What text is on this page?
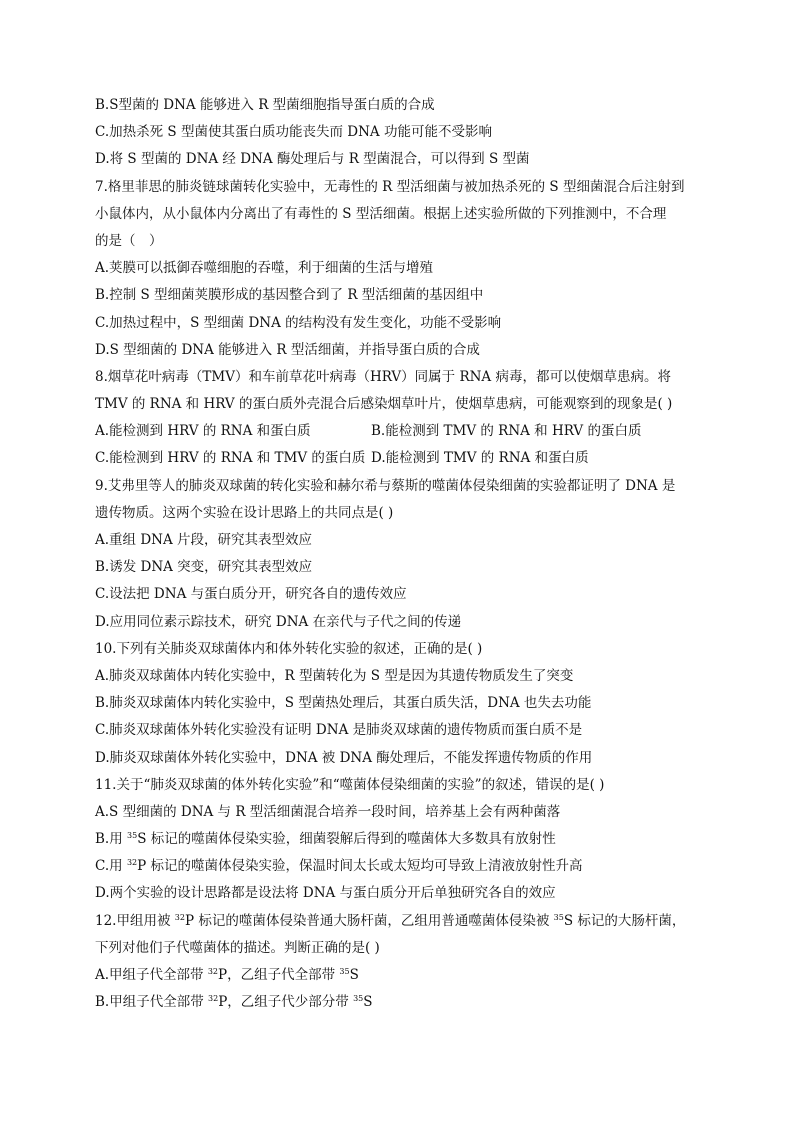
B.S型菌的 DNA 能够进入 R 型菌细胞指导蛋白质的合成
C.加热杀死 S 型菌使其蛋白质功能丧失而 DNA 功能可能不受影响
D.将 S 型菌的 DNA 经 DNA 酶处理后与 R 型菌混合，可以得到 S 型菌
7.格里菲思的肺炎链球菌转化实验中，无毒性的 R 型活细菌与被加热杀死的 S 型细菌混合后注射到
小鼠体内，从小鼠体内分离出了有毒性的 S 型活细菌。根据上述实验所做的下列推测中，不合理
的是（　）
A.荚膜可以抵御吞噬细胞的吞噬，利于细菌的生活与增殖
B.控制 S 型细菌荚膜形成的基因整合到了 R 型活细菌的基因组中
C.加热过程中，S 型细菌 DNA 的结构没有发生变化，功能不受影响
D.S 型细菌的 DNA 能够进入 R 型活细菌，并指导蛋白质的合成
8.烟草花叶病毒（TMV）和车前草花叶病毒（HRV）同属于 RNA 病毒，都可以使烟草患病。将
TMV 的 RNA 和 HRV 的蛋白质外壳混合后感染烟草叶片，使烟草患病，可能观察到的现象是( )
A.能检测到 HRV 的 RNA 和蛋白质	B.能检测到 TMV 的 RNA 和 HRV 的蛋白质
C.能检测到 HRV 的 RNA 和 TMV 的蛋白质 D.能检测到 TMV 的 RNA 和蛋白质
9.艾弗里等人的肺炎双球菌的转化实验和赫尔希与蔡斯的噬菌体侵染细菌的实验都证明了 DNA 是
遗传物质。这两个实验在设计思路上的共同点是( )
A.重组 DNA 片段，研究其表型效应
B.诱发 DNA 突变，研究其表型效应
C.设法把 DNA 与蛋白质分开，研究各自的遗传效应
D.应用同位素示踪技术，研究 DNA 在亲代与子代之间的传递
10.下列有关肺炎双球菌体内和体外转化实验的叙述，正确的是( )
A.肺炎双球菌体内转化实验中，R 型菌转化为 S 型是因为其遗传物质发生了突变
B.肺炎双球菌体内转化实验中，S 型菌热处理后，其蛋白质失活，DNA 也失去功能
C.肺炎双球菌体外转化实验没有证明 DNA 是肺炎双球菌的遗传物质而蛋白质不是
D.肺炎双球菌体外转化实验中，DNA 被 DNA 酶处理后，不能发挥遗传物质的作用
11.关于“肺炎双球菌的体外转化实验”和“噬菌体侵染细菌的实验”的叙述，错误的是( )
A.S 型细菌的 DNA 与 R 型活细菌混合培养一段时间，培养基上会有两种菌落
B.用 $^{35}$S 标记的噬菌体侵染实验，细菌裂解后得到的噬菌体大多数具有放射性
C.用 $^{32}$P 标记的噬菌体侵染实验，保温时间太长或太短均可导致上清液放射性升高
D.两个实验的设计思路都是设法将 DNA 与蛋白质分开后单独研究各自的效应
12.甲组用被 $^{32}$P 标记的噬菌体侵染普通大肠杆菌，乙组用普通噬菌体侵染被 $^{35}$S 标记的大肠杆菌，
下列对他们子代噬菌体的描述。判断正确的是( )
A.甲组子代全部带 $^{32}$P，乙组子代全部带 $^{35}$S
B.甲组子代全部带 $^{32}$P，乙组子代少部分带 $^{35}$S
